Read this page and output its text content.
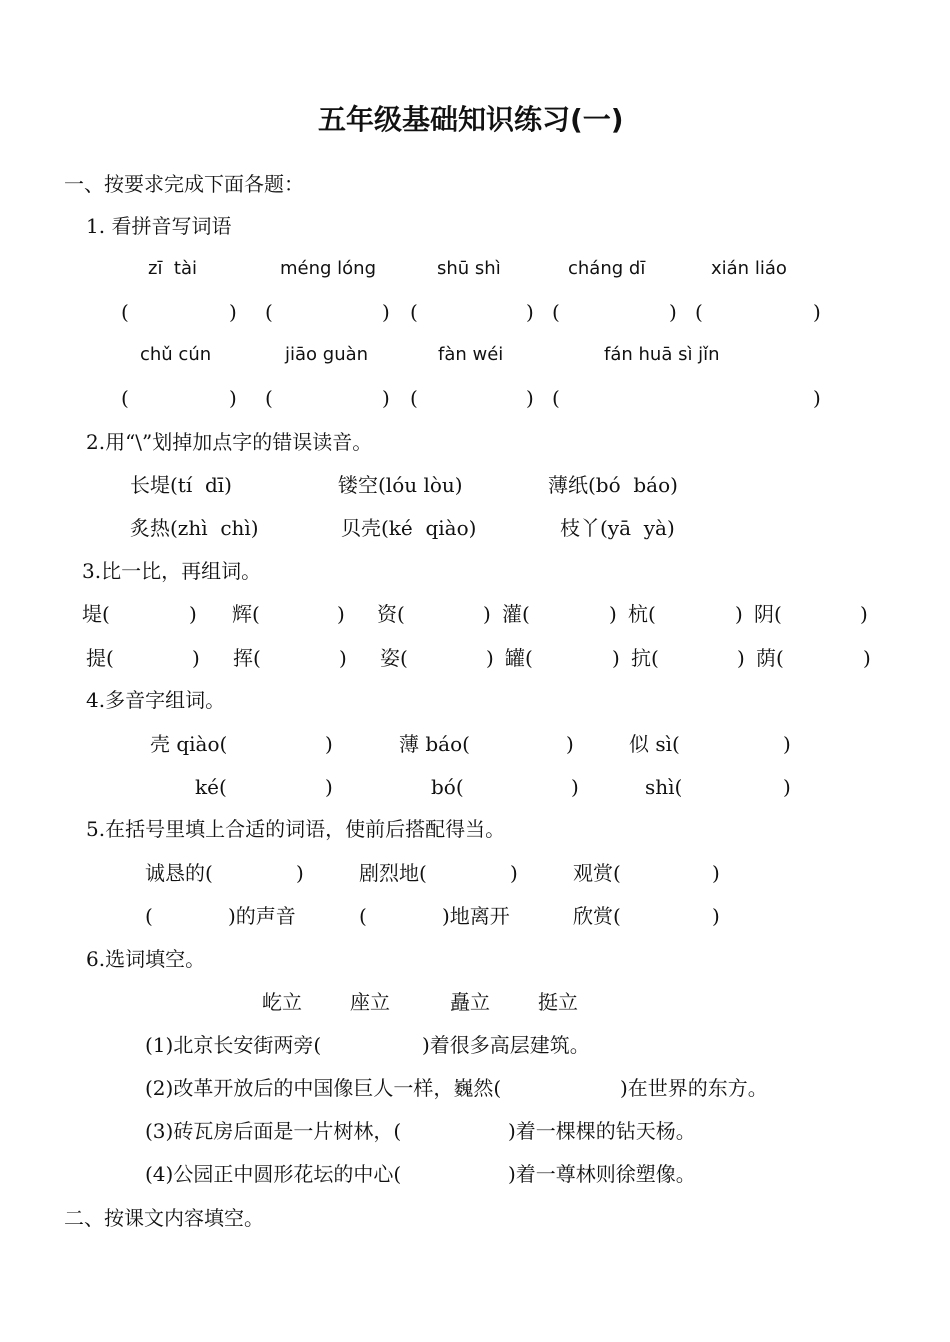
五年级基础知识练习(一)
一、按要求完成下面各题：
1. 看拼音写词语
zī  tài	méng lóng	shū shì	cháng dī	xián liáo
(	) (	) (	) (	) (	)
chǔ cún	jiāo guàn	fàn wéi	fán huā sì jǐn
(	) (	) (	) (	)
2.用“\”划掉加点字的错误读音。
长堤(tí  dī)	镂空(lóu lòu)	薄纸(bó  báo)
炙热(zhì  chì)	贝壳(ké  qiào)	枝丫(yā  yà)
3.比一比，再组词。
堤(	) 辉(	) 资(	) 灌(	) 杭(	) 阴(	)
提(	) 挥(	) 姿(	) 罐(	) 抗(	) 荫(	)
4.多音字组词。
壳 qiào(	)	薄 báo(	)	似 sì(	)
ké(	)	bó(	)	shì(	)
5.在括号里填上合适的词语，使前后搭配得当。
诚恳的(	)	剧烈地(	)	观赏(	)
(	)的声音	(	)地离开	欣赏(	)
6.选词填空。
屹立 座立	矗立 挺立
(1)北京长安街两旁(	)着很多高层建筑。
(2)改革开放后的中国像巨人一样，巍然(	)在世界的东方。
(3)砖瓦房后面是一片树林，(	)着一棵棵的钻天杨。
(4)公园正中圆形花坛的中心(	)着一尊林则徐塑像。
二、按课文内容填空。
